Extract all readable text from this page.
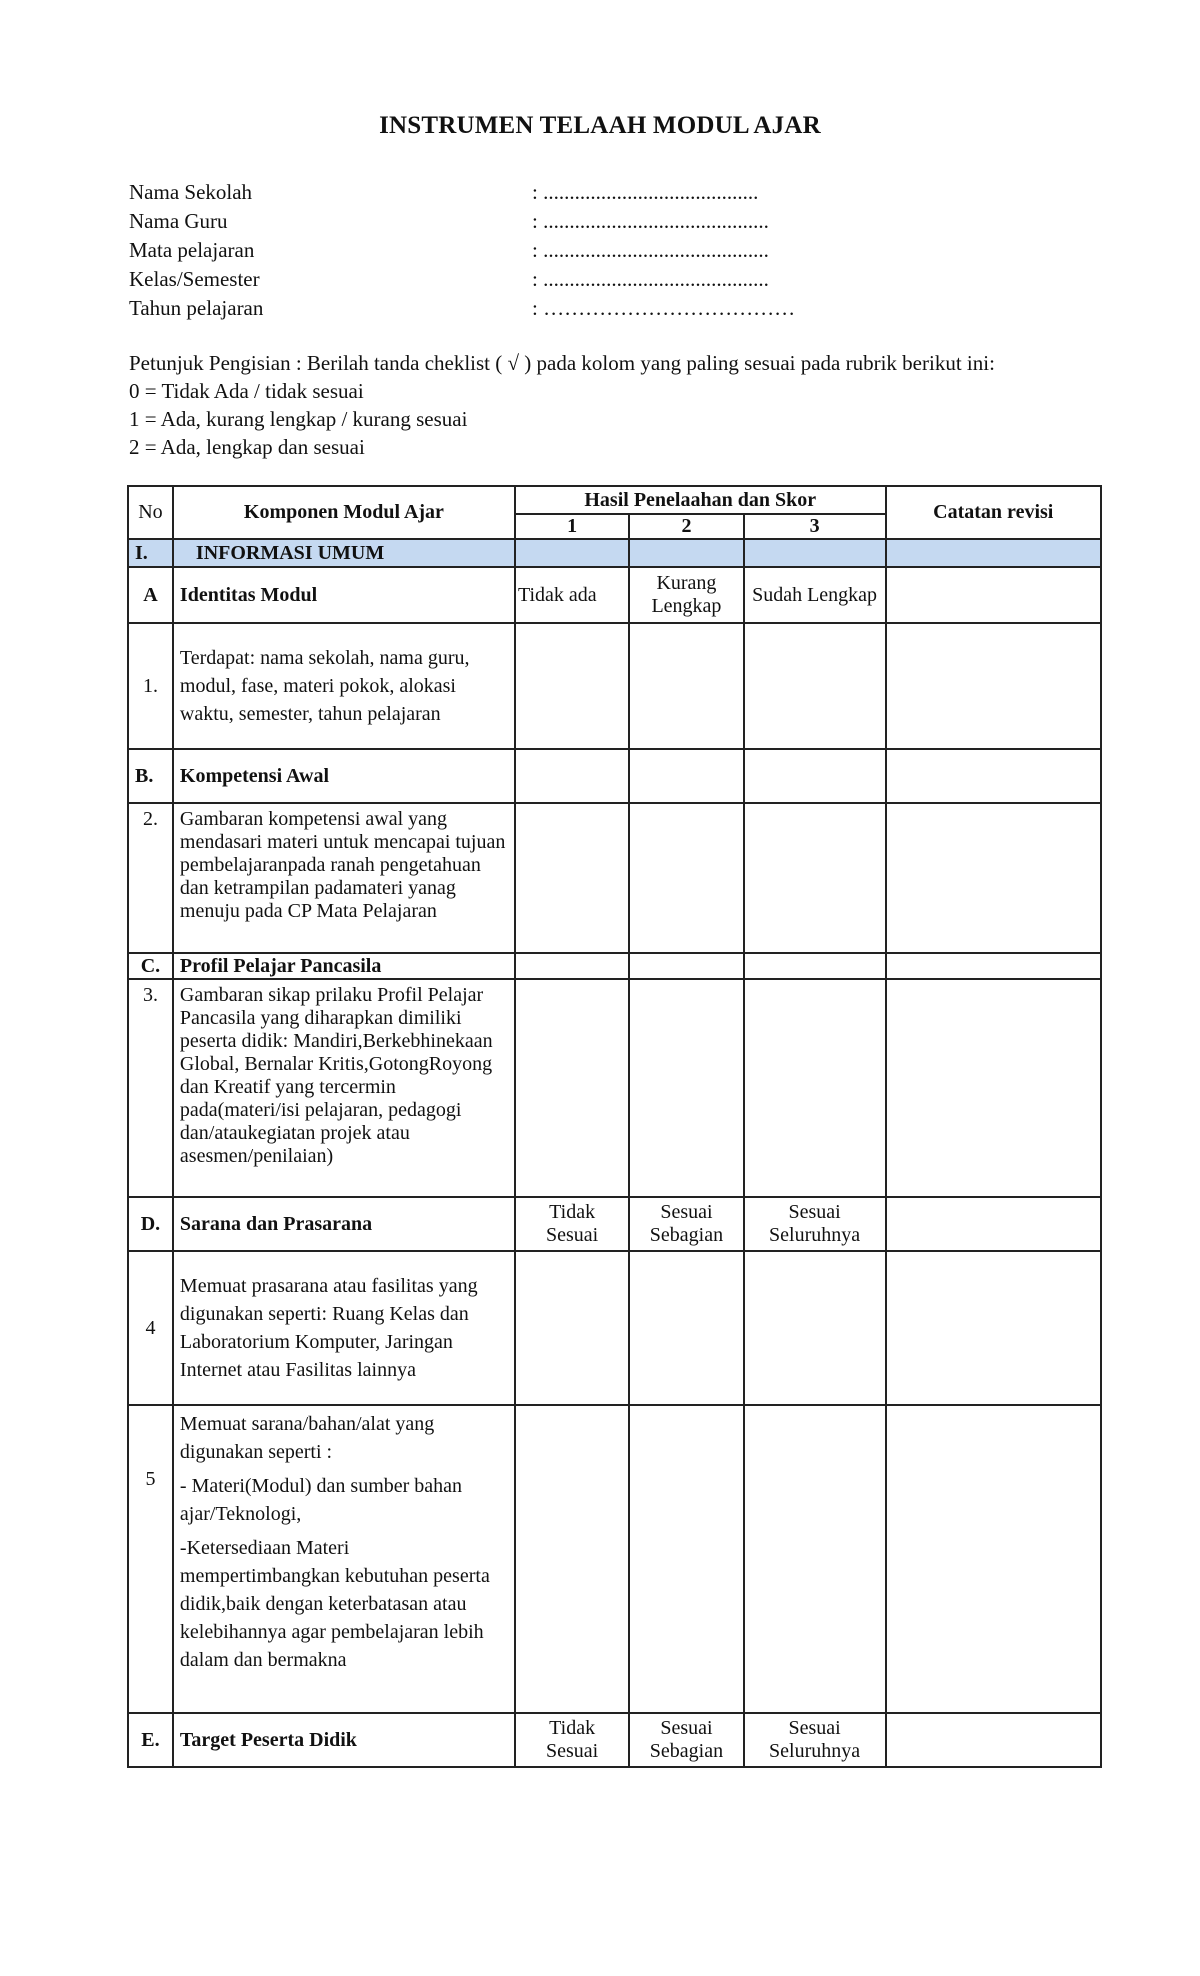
INSTRUMEN TELAAH MODUL AJAR
Nama Sekolah	: .........................................
Nama Guru	: ...........................................
Mata pelajaran	: ...........................................
Kelas/Semester	: ...........................................
Tahun pelajaran	: ………………………………
Petunjuk Pengisian : Berilah tanda cheklist ( √ ) pada kolom yang paling sesuai pada rubrik berikut ini:
0 = Tidak Ada / tidak sesuai
1 = Ada, kurang lengkap / kurang sesuai
2 = Ada, lengkap dan sesuai
No	Komponen Modul Ajar	Hasil Penelaahan dan Skor			Catatan revisi
		1	2	3	
I.	INFORMASI UMUM				
A	Identitas Modul	Tidak ada	Kurang Lengkap	Sudah Lengkap	
1.	Terdapat: nama sekolah, nama guru, modul, fase, materi pokok, alokasi waktu, semester, tahun pelajaran				
B.	Kompetensi Awal				
2.	Gambaran kompetensi awal yang mendasari materi untuk mencapai tujuan pembelajaranpada ranah pengetahuan dan ketrampilan padamateri yanag menuju pada CP Mata Pelajaran				
C.	Profil Pelajar Pancasila				
3.	Gambaran sikap prilaku Profil Pelajar Pancasila yang diharapkan dimiliki peserta didik: Mandiri,Berkebhinekaan Global, Bernalar Kritis,GotongRoyong dan Kreatif yang tercermin pada(materi/isi pelajaran, pedagogi dan/ataukegiatan projek atau asesmen/penilaian)				
D.	Sarana dan Prasarana	Tidak Sesuai	Sesuai Sebagian	Sesuai Seluruhnya	
4	Memuat prasarana atau fasilitas yang digunakan seperti: Ruang Kelas dan Laboratorium Komputer, Jaringan Internet atau Fasilitas lainnya				
5	Memuat sarana/bahan/alat yang digunakan seperti :
- Materi(Modul) dan sumber bahan ajar/Teknologi,
-Ketersediaan Materi mempertimbangkan kebutuhan peserta didik,baik dengan keterbatasan atau kelebihannya agar pembelajaran lebih dalam dan bermakna				
E.	Target Peserta Didik	Tidak Sesuai	Sesuai Sebagian	Sesuai Seluruhnya	
